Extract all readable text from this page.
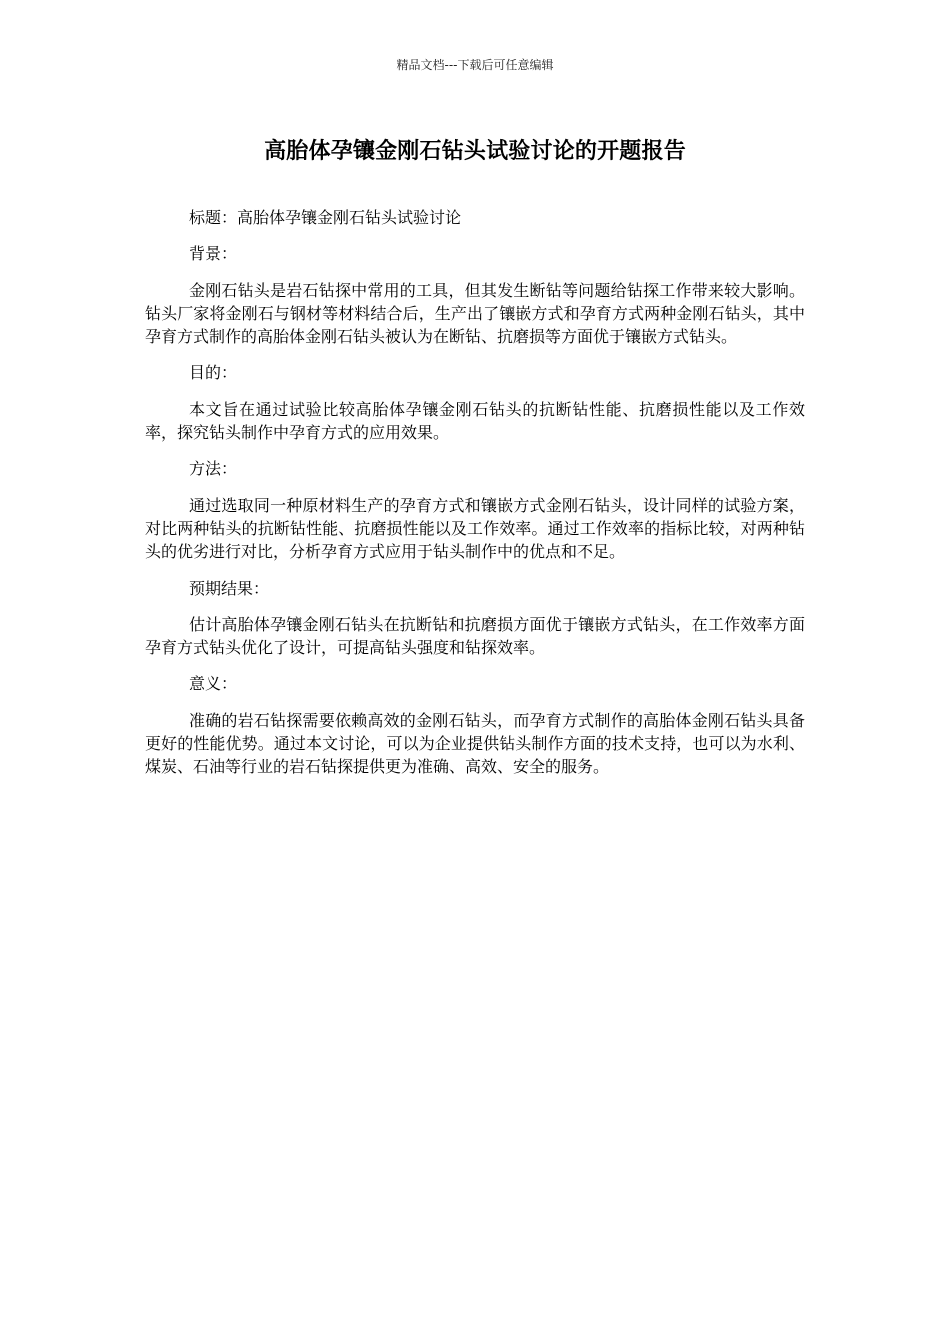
精品文档---下载后可任意编辑
高胎体孕镶金刚石钻头试验讨论的开题报告

标题：高胎体孕镶金刚石钻头试验讨论

背景：

金刚石钻头是岩石钻探中常用的工具，但其发生断钻等问题给钻探工作带来较大影响。钻头厂家将金刚石与钢材等材料结合后，生产出了镶嵌方式和孕育方式两种金刚石钻头，其中孕育方式制作的高胎体金刚石钻头被认为在断钻、抗磨损等方面优于镶嵌方式钻头。

目的：

本文旨在通过试验比较高胎体孕镶金刚石钻头的抗断钻性能、抗磨损性能以及工作效率，探究钻头制作中孕育方式的应用效果。

方法：

通过选取同一种原材料生产的孕育方式和镶嵌方式金刚石钻头，设计同样的试验方案，对比两种钻头的抗断钻性能、抗磨损性能以及工作效率。通过工作效率的指标比较，对两种钻头的优劣进行对比，分析孕育方式应用于钻头制作中的优点和不足。

预期结果：

估计高胎体孕镶金刚石钻头在抗断钻和抗磨损方面优于镶嵌方式钻头，在工作效率方面孕育方式钻头优化了设计，可提高钻头强度和钻探效率。

意义：

准确的岩石钻探需要依赖高效的金刚石钻头，而孕育方式制作的高胎体金刚石钻头具备更好的性能优势。通过本文讨论，可以为企业提供钻头制作方面的技术支持，也可以为水利、煤炭、石油等行业的岩石钻探提供更为准确、高效、安全的服务。
